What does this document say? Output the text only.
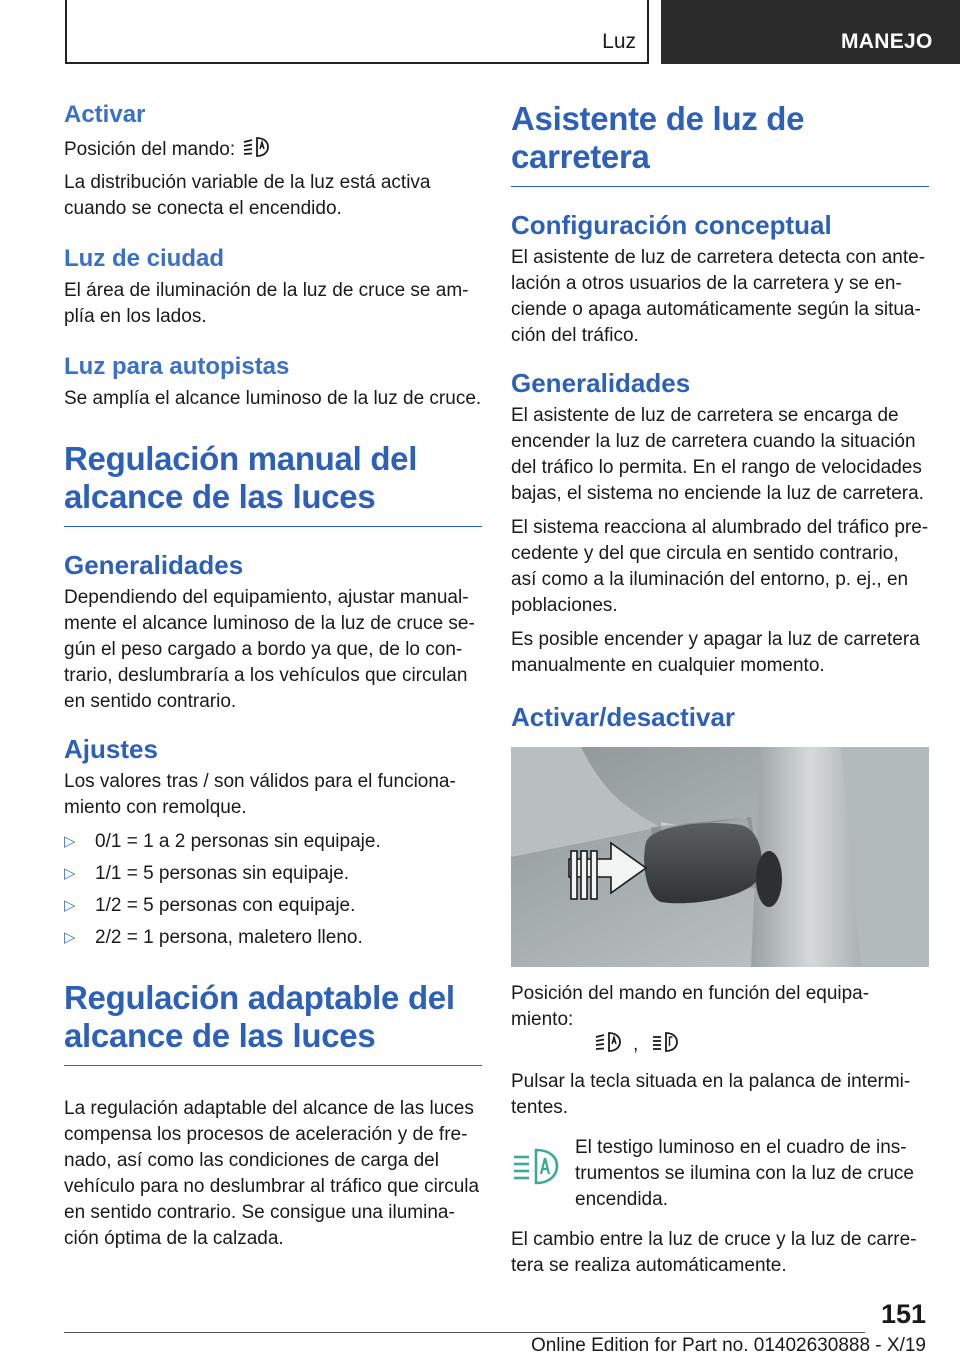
Luz	MANEJO
Activar

Posición del mando:

La distribución variable de la luz está activa cuando se conecta el encendido.

Luz de ciudad

El área de iluminación de la luz de cruce se am‐plía en los lados.

Luz para autopistas

Se amplía el alcance luminoso de la luz de cruce.

Regulación manual del alcance de las luces
Generalidades

Dependiendo del equipamiento, ajustar manual‐mente el alcance luminoso de la luz de cruce se‐gún el peso cargado a bordo ya que, de lo con‐trario, deslumbraría a los vehículos que circulan en sentido contrario.

Ajustes

Los valores tras / son válidos para el funciona‐miento con remolque.

▷	0/1 = 1 a 2 personas sin equipaje.
▷	1/1 = 5 personas sin equipaje.
▷	1/2 = 5 personas con equipaje.
▷	2/2 = 1 persona, maletero lleno.
Regulación adaptable del alcance de las luces

La regulación adaptable del alcance de las luces compensa los procesos de aceleración y de fre‐nado, así como las condiciones de carga del vehículo para no deslumbrar al tráfico que circula en sentido contrario. Se consigue una ilumina‐ción óptima de la calzada.

Asistente de luz de carretera
Configuración conceptual

El asistente de luz de carretera detecta con ante‐lación a otros usuarios de la carretera y se en‐ciende o apaga automáticamente según la situa‐ción del tráfico.

Generalidades

El asistente de luz de carretera se encarga de encender la luz de carretera cuando la situación del tráfico lo permita. En el rango de velocidades bajas, el sistema no enciende la luz de carretera.

El sistema reacciona al alumbrado del tráfico pre‐cedente y del que circula en sentido contrario, así como a la iluminación del entorno, p. ej., en poblaciones.

Es posible encender y apagar la luz de carretera manualmente en cualquier momento.

Activar/desactivar

Posición del mando en función del equipa‐miento:

,

Pulsar la tecla situada en la palanca de intermi‐tentes.

El testigo luminoso en el cuadro de ins‐trumentos se ilumina con la luz de cruce encendida.

El cambio entre la luz de cruce y la luz de carre‐tera se realiza automáticamente.

151
Online Edition for Part no. 01402630888 - X/19
